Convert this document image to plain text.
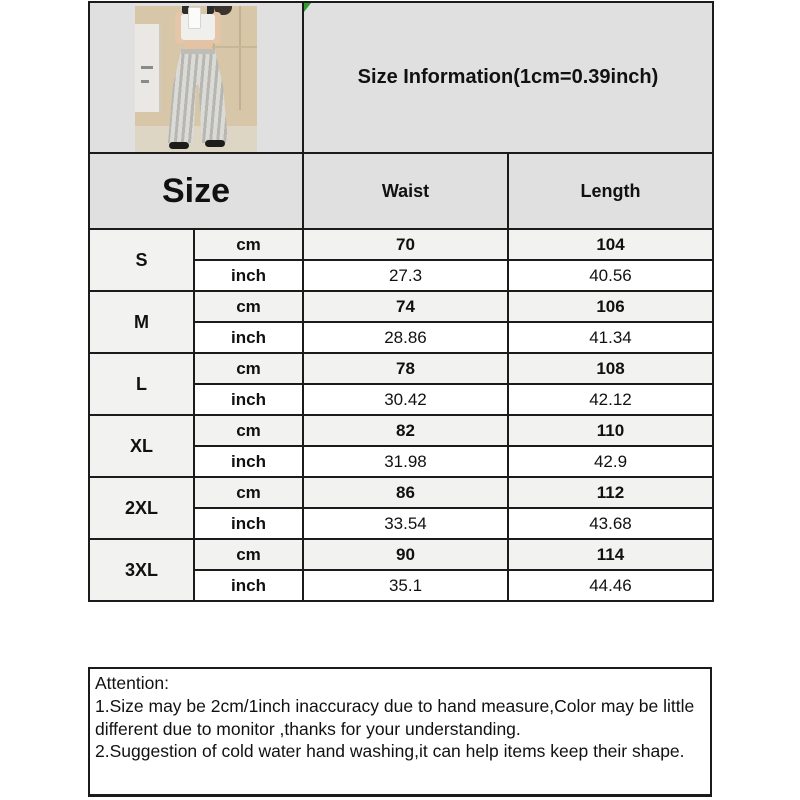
Size Information(1cm=0.39inch)	
Size		Waist	Length
S	cm	70	104
	inch	27.3	40.56
M	cm	74	106
	inch	28.86	41.34
L	cm	78	108
	inch	30.42	42.12
XL	cm	82	110
	inch	31.98	42.9
2XL	cm	86	112
	inch	33.54	43.68
3XL	cm	90	114
	inch	35.1	44.46

Attention:

1.Size may be 2cm/1inch inaccuracy due to hand measure,Color may be little different due to monitor ,thanks for your understanding.

2.Suggestion of cold water hand washing,it can help items keep their shape.
